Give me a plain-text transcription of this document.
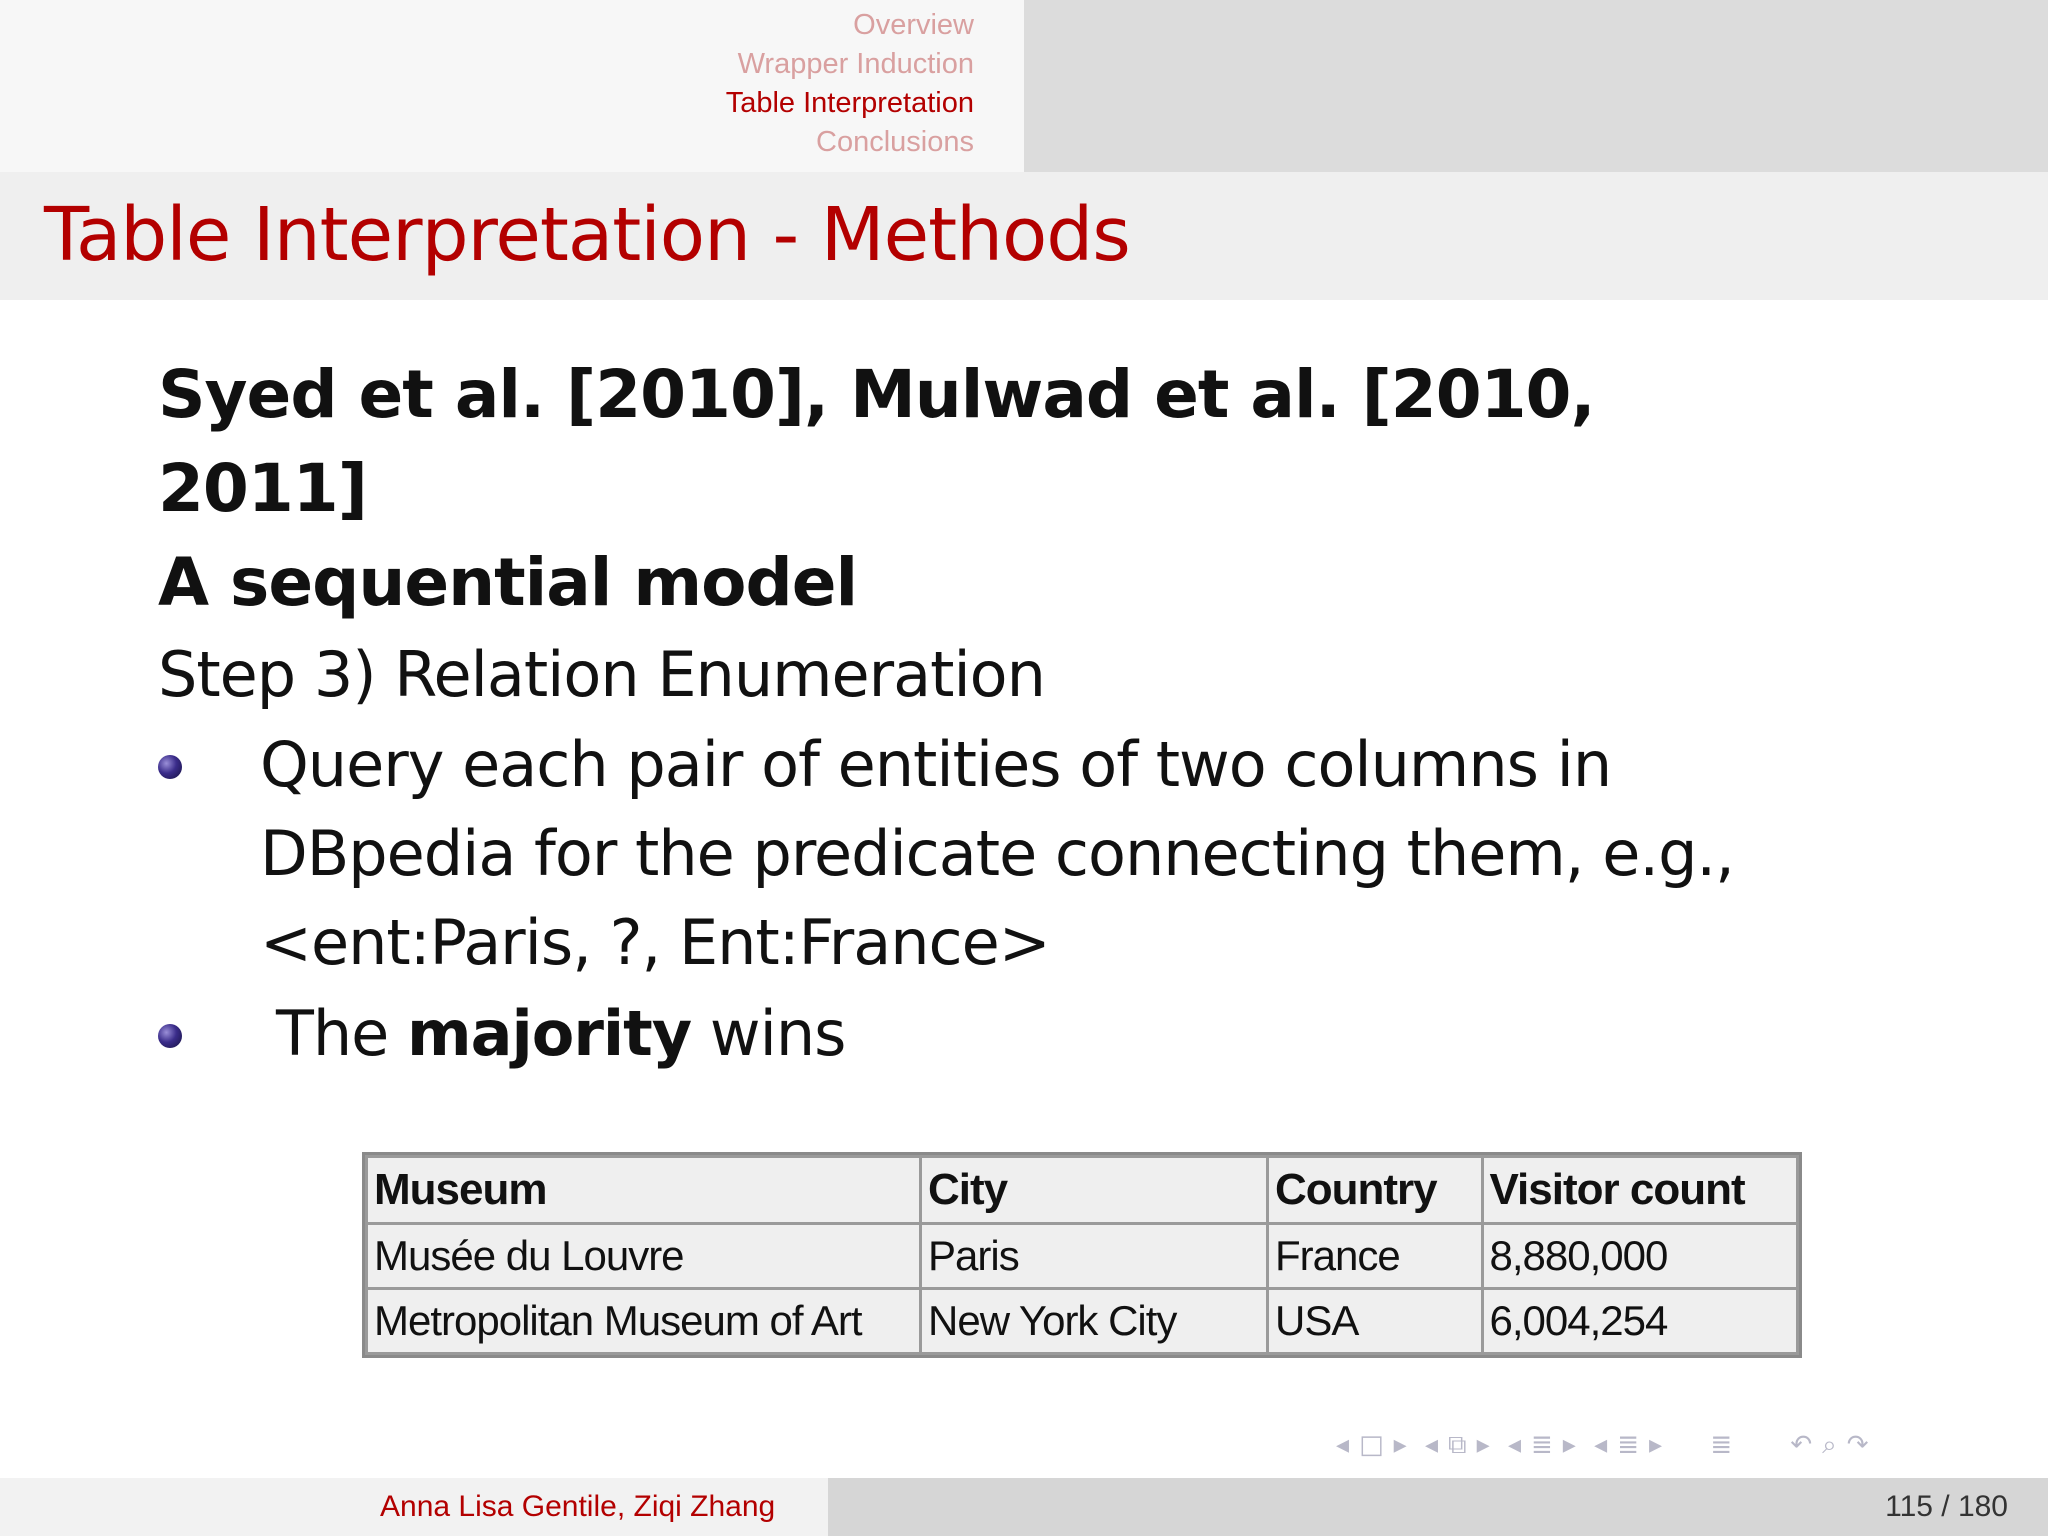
Overview
Wrapper Induction
Table Interpretation
Conclusions
Table Interpretation - Methods
Syed et al. [2010], Mulwad et al. [2010,
2011]
A sequential model
Step 3) Relation Enumeration
Query each pair of entities of two columns in
DBpedia for the predicate connecting them, e.g.,
<ent:Paris, ?, Ent:France>
The majority wins
Museum	City	Country	Visitor count
Musée du Louvre	Paris	France	8,880,000
Metropolitan Museum of Art	New York City	USA	6,004,254
◂ □ ▸ ◂ ⧉ ▸ ◂ ≣ ▸ ◂ ≣ ▸ ≣ ↶ ⌕ ↷
Anna Lisa Gentile, Ziqi Zhang	115 / 180
